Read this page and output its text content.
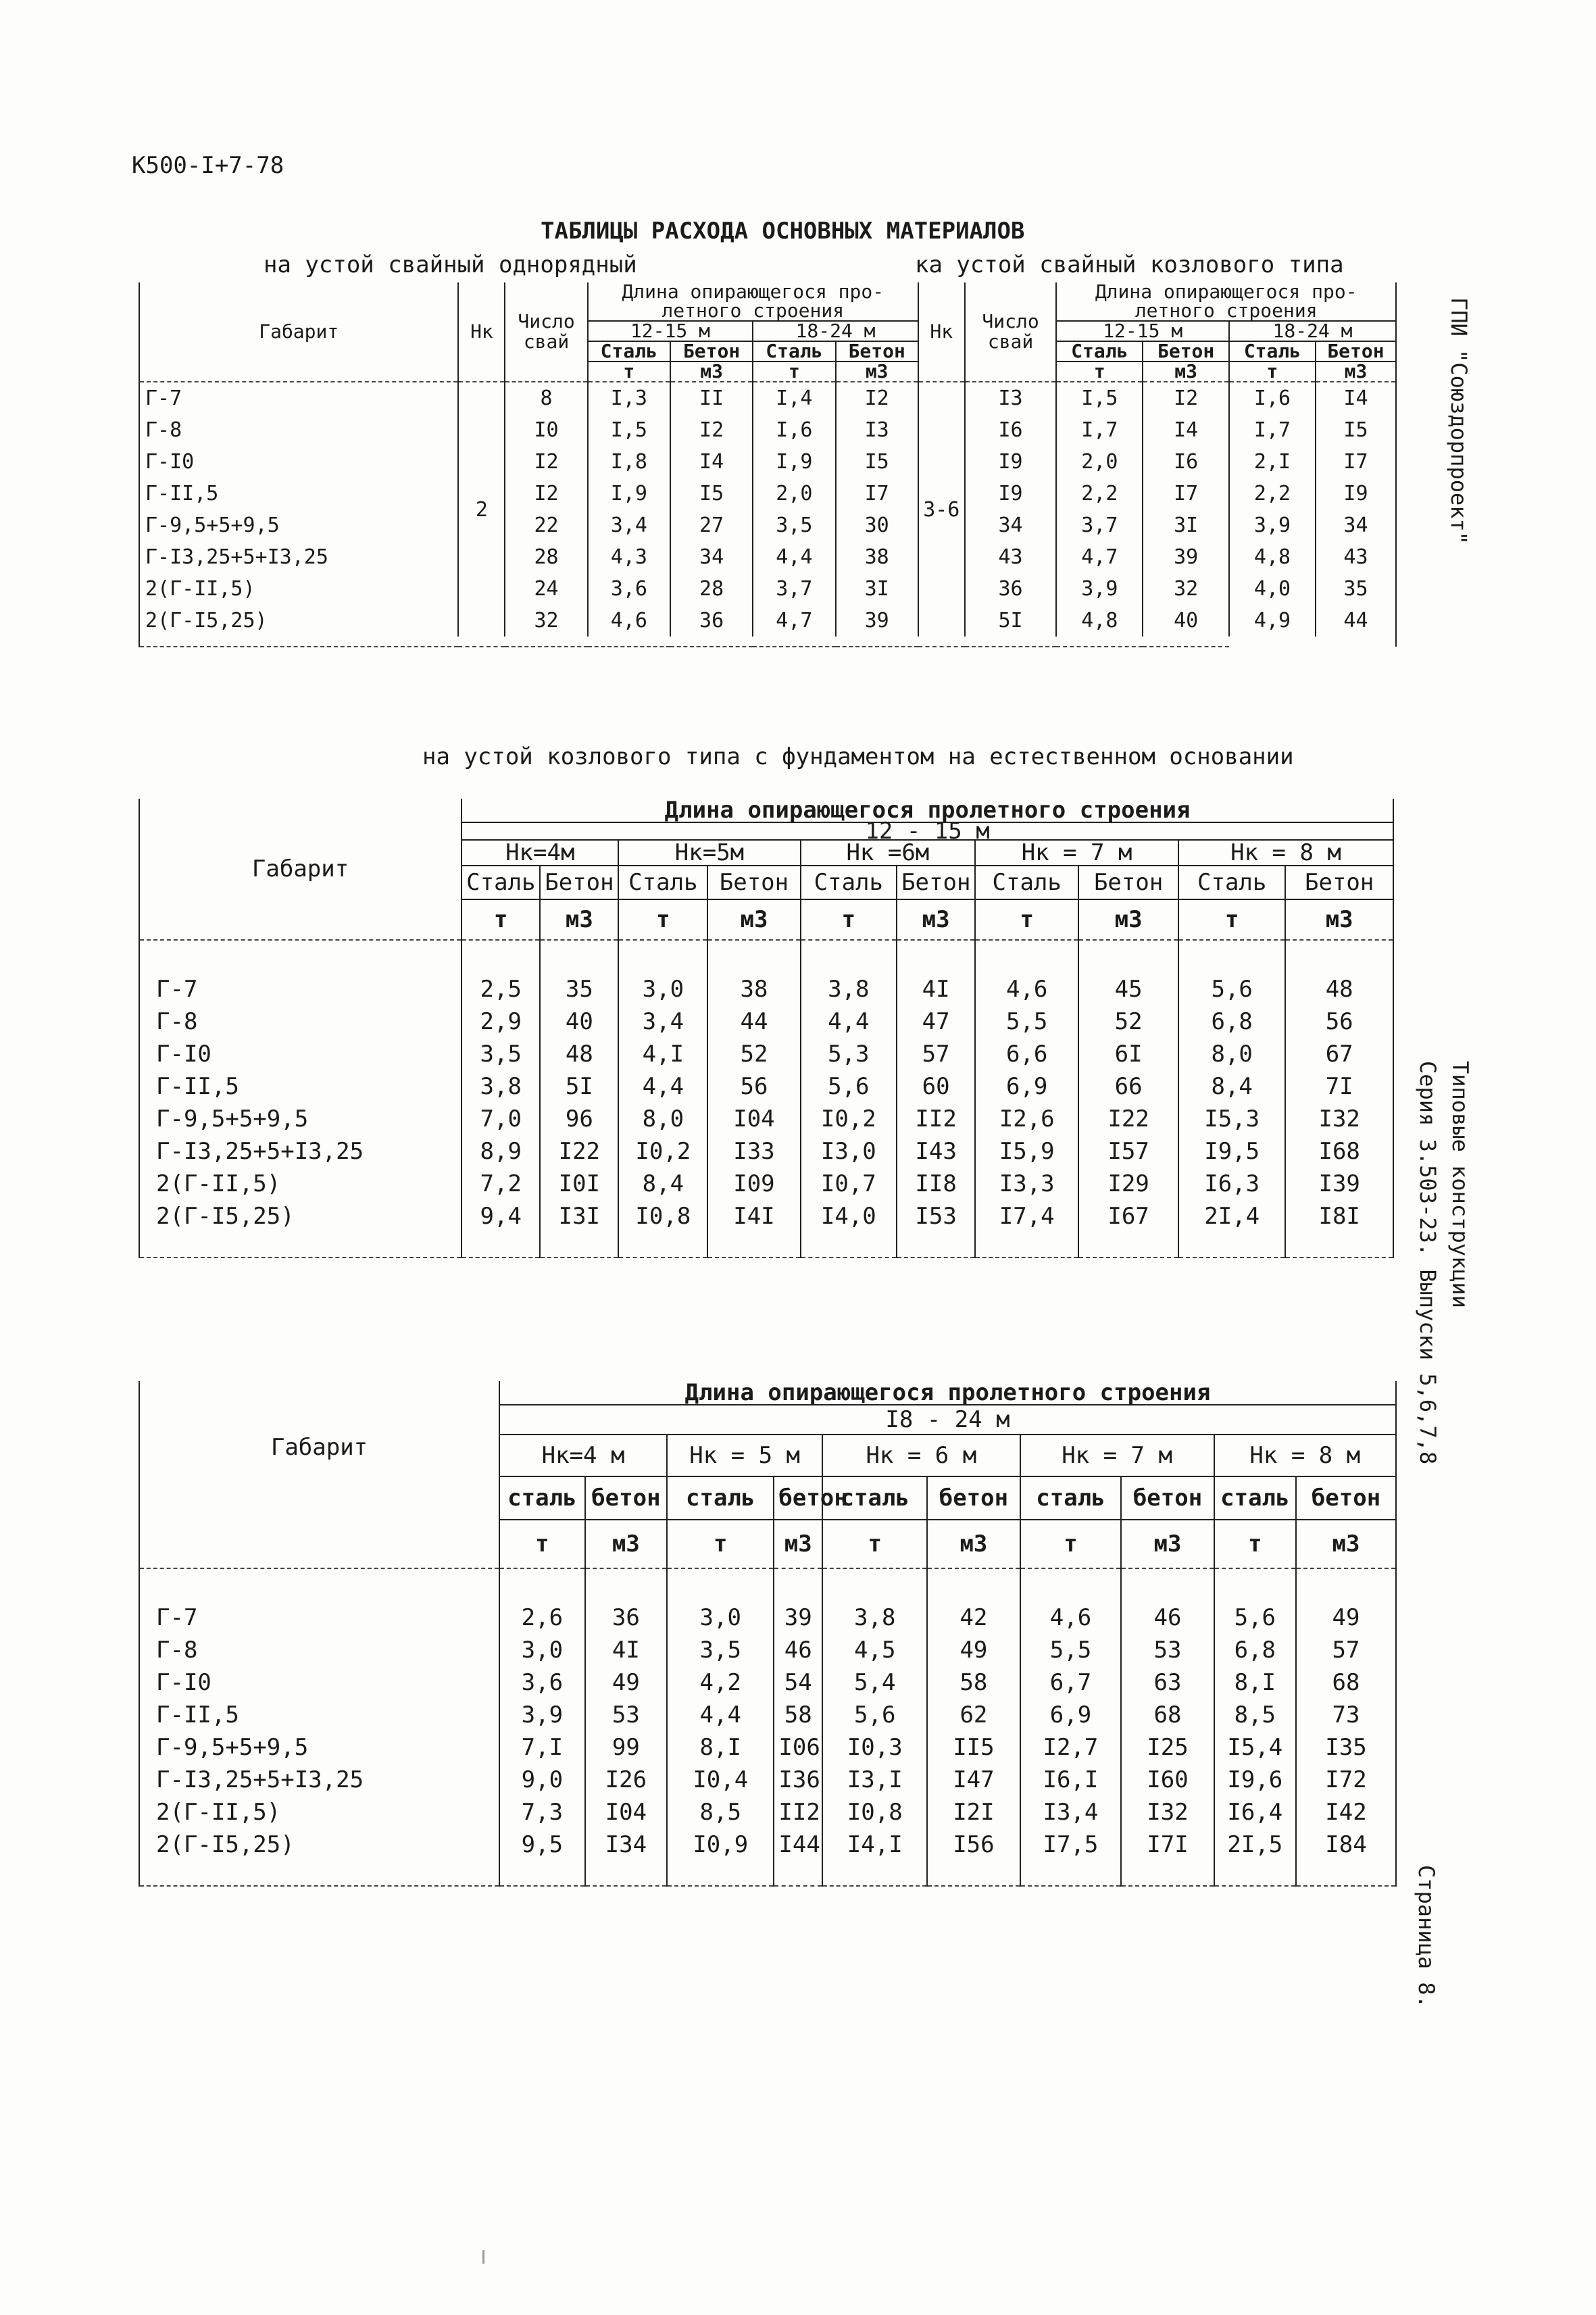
К500-I+7-78
ТАБЛИЦЫ РАСХОДА ОСНОВНЫХ МАТЕРИАЛОВ
на устой свайный однорядный	ка устой свайный козлового типа
Габарит	Нк	Число свай	Длина опирающегося про-летного строения				Нк	Число свай	Длина опирающегося про-летного строения			
			12-15 м		18-24 м				12-15 м		18-24 м	
			Сталь	Бетон	Сталь	Бетон			Сталь	Бетон	Сталь	Бетон
			т	м3	т	м3			т	м3	т	м3
Г-7	2	8	I,3	II	I,4	I2	3-6	I3	I,5	I2	I,6	I4
Г-8		I0	I,5	I2	I,6	I3		I6	I,7	I4	I,7	I5
Г-I0		I2	I,8	I4	I,9	I5		I9	2,0	I6	2,I	I7
Г-II,5		I2	I,9	I5	2,0	I7		I9	2,2	I7	2,2	I9
Г-9,5+5+9,5		22	3,4	27	3,5	30		34	3,7	3I	3,9	34
Г-I3,25+5+I3,25		28	4,3	34	4,4	38		43	4,7	39	4,8	43
2(Г-II,5)		24	3,6	28	3,7	3I		36	3,9	32	4,0	35
2(Г-I5,25)		32	4,6	36	4,7	39		5I	4,8	40	4,9	44

на устой козлового типа с фундаментом на естественном основании
Габарит	Длина опирающегося пролетного строения									
	12 - 15 м									
	Нк=4м		Нк=5м		Нк =6м		Нк = 7 м		Нк = 8 м	
	Сталь	Бетон	Сталь	Бетон	Сталь	Бетон	Сталь	Бетон	Сталь	Бетон
	т	м3	т	м3	т	м3	т	м3	т	м3

Г-7	2,5	35	3,0	38	3,8	4I	4,6	45	5,6	48
Г-8	2,9	40	3,4	44	4,4	47	5,5	52	6,8	56
Г-I0	3,5	48	4,I	52	5,3	57	6,6	6I	8,0	67
Г-II,5	3,8	5I	4,4	56	5,6	60	6,9	66	8,4	7I
Г-9,5+5+9,5	7,0	96	8,0	I04	I0,2	II2	I2,6	I22	I5,3	I32
Г-I3,25+5+I3,25	8,9	I22	I0,2	I33	I3,0	I43	I5,9	I57	I9,5	I68
2(Г-II,5)	7,2	I0I	8,4	I09	I0,7	II8	I3,3	I29	I6,3	I39
2(Г-I5,25)	9,4	I3I	I0,8	I4I	I4,0	I53	I7,4	I67	2I,4	I8I

Габарит	Длина опирающегося пролетного строения									
	I8 - 24 м									
	Нк=4 м		Нк = 5 м		Нк = 6 м		Нк = 7 м		Нк = 8 м	
	сталь	бетон	сталь	бетон	сталь	бетон	сталь	бетон	сталь	бетон
	т	м3	т	м3	т	м3	т	м3	т	м3

Г-7	2,6	36	3,0	39	3,8	42	4,6	46	5,6	49
Г-8	3,0	4I	3,5	46	4,5	49	5,5	53	6,8	57
Г-I0	3,6	49	4,2	54	5,4	58	6,7	63	8,I	68
Г-II,5	3,9	53	4,4	58	5,6	62	6,9	68	8,5	73
Г-9,5+5+9,5	7,I	99	8,I	I06	I0,3	II5	I2,7	I25	I5,4	I35
Г-I3,25+5+I3,25	9,0	I26	I0,4	I36	I3,I	I47	I6,I	I60	I9,6	I72
2(Г-II,5)	7,3	I04	8,5	II2	I0,8	I2I	I3,4	I32	I6,4	I42
2(Г-I5,25)	9,5	I34	I0,9	I44	I4,I	I56	I7,5	I7I	2I,5	I84

ГПИ "Союздорпроект"
Типовые конструкции
Серия 3.503-23. Выпуски 5,6,7,8
Страница 8.
